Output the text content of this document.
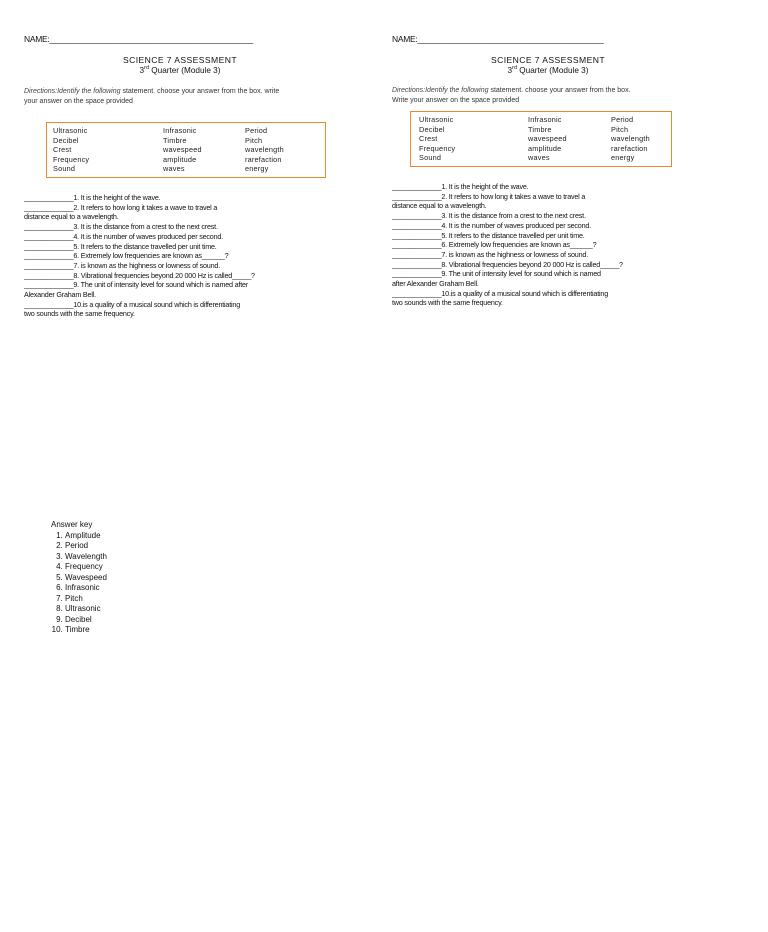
NAME:______________________________________________
SCIENCE 7 ASSESSMENT
3rd Quarter (Module 3)
Directions:Identify the following statement. choose your answer from the box. write
your answer on the space provided
Ultrasonic
Decibel
Crest
Frequency
Sound
Infrasonic
Timbre
wavespeed
amplitude
waves
Period
Pitch
wavelength
rarefaction
energy
_____________1. It is the height of the wave.
_____________2. It refers to how long it takes a wave to travel a
distance equal to a wavelength.
_____________3. It is the distance from a crest to the next crest.
_____________4. It is the number of waves produced per second.
_____________5. It refers to the distance travelled per unit time.
_____________6. Extremely low frequencies are known as______?
_____________7. is known as the highness or lowness of sound.
_____________8. Vibrational frequencies beyond 20 000 Hz is called_____?
_____________9. The unit of intensity level for sound which is named after
Alexander Graham Bell.
_____________10.is a quality of a musical sound which is differentiating
two sounds with the same frequency.
NAME:__________________________________________
SCIENCE 7 ASSESSMENT
3rd Quarter (Module 3)
Directions:Identify the following statement. choose your answer from the box.
Write your answer on the space provided
Ultrasonic
Decibel
Crest
Frequency
Sound
Infrasonic
Timbre
wavespeed
amplitude
waves
Period
Pitch
wavelength
rarefaction
energy
_____________1. It is the height of the wave.
_____________2. It refers to how long it takes a wave to travel a
distance equal to a wavelength.
_____________3. It is the distance from a crest to the next crest.
_____________4. It is the number of waves produced per second.
_____________5. It refers to the distance travelled per unit time.
_____________6. Extremely low frequencies are known as______?
_____________7. is known as the highness or lowness of sound.
_____________8. Vibrational frequencies beyond 20 000 Hz is called_____?
_____________9. The unit of intensity level for sound which is named
after Alexander Graham Bell.
_____________10.is a quality of a musical sound which is differentiating
two sounds with the same frequency.
Answer key
1. Amplitude
2. Period
3. Wavelength
4. Frequency
5. Wavespeed
6. Infrasonic
7. Pitch
8. Ultrasonic
9. Decibel
10. Timbre
